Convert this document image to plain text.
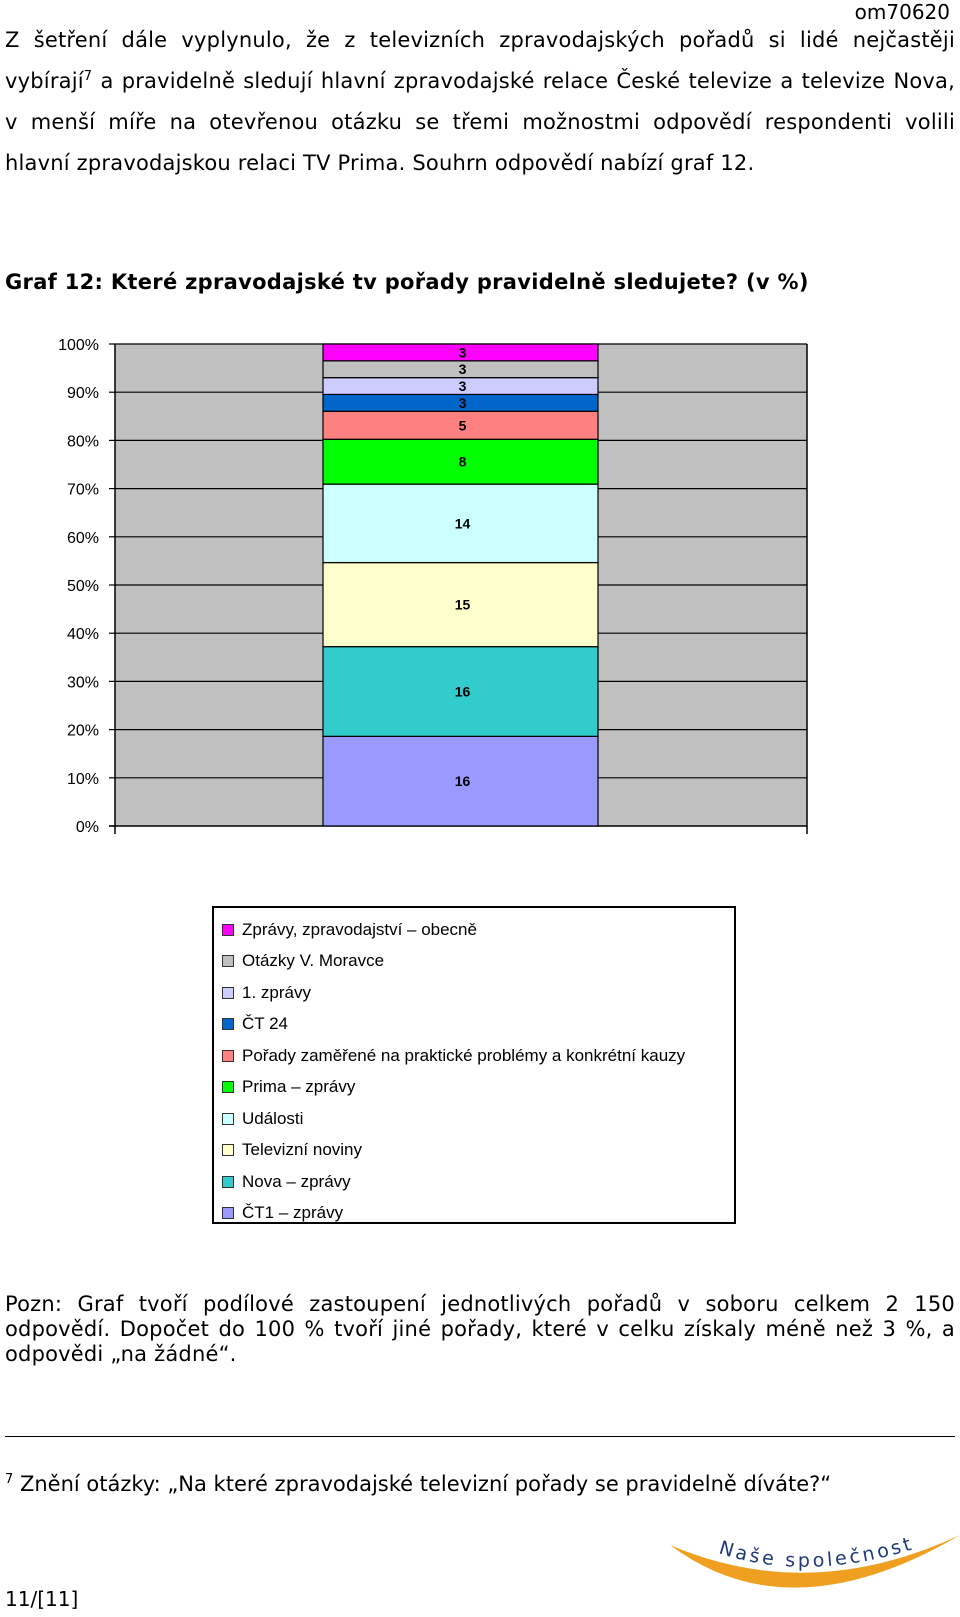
om70620
Z šetření dále vyplynulo, že z televizních zpravodajských pořadů si lidé nejčastěji vybírají$^7$ a pravidelně sledují hlavní zpravodajské relace České televize a televize Nova, v menší míře na otevřenou otázku se třemi možnostmi odpovědí respondenti volili hlavní zpravodajskou relaci TV Prima. Souhrn odpovědí nabízí graf 12.
Graf 12: Které zpravodajské tv pořady pravidelně sledujete? (v %)
0%
10%
20%
30%
40%
50%
60%
70%
80%
90%
100%
16
16
15
14
8
5
3
3
3
3
Zprávy, zpravodajství – obecně
Otázky V. Moravce
1. zprávy
ČT 24
Pořady zaměřené na praktické problémy a konkrétní kauzy
Prima – zprávy
Události
Televizní noviny
Nova – zprávy
ČT1 – zprávy
Pozn: Graf tvoří podílové zastoupení jednotlivých pořadů v soboru celkem 2 150 odpovědí. Dopočet do 100 % tvoří jiné pořady, které v celku získaly méně než 3 %, a odpovědi „na žádné“.
$^7$ Znění otázky: „Na které zpravodajské televizní pořady se pravidelně díváte?“
11/[11]
Naše společnost
